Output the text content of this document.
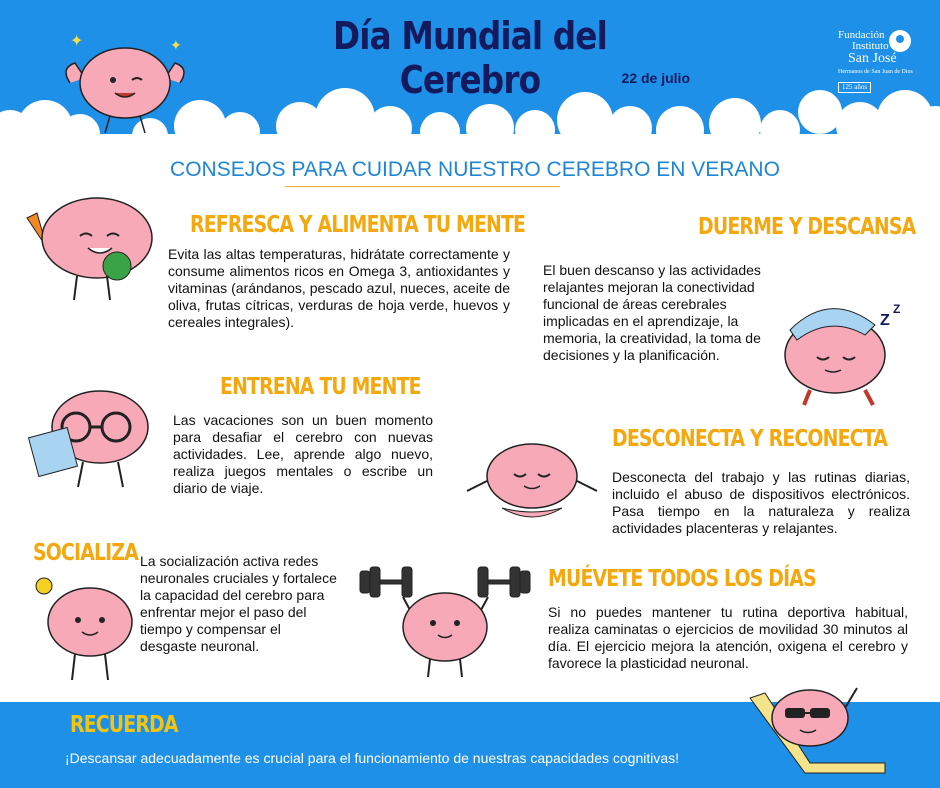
Día Mundial del Cerebro	22 de julio
Fundación
Instituto
San José
Hermanos de San Juan de Dios
125 años
✦	✦
CONSEJOS PARA CUIDAR NUESTRO CEREBRO EN VERANO
REFRESCA Y ALIMENTA TU MENTE
Evita las altas temperaturas, hidrátate correctamente y consume alimentos ricos en Omega 3, antioxidantes y vitaminas (arándanos, pescado azul, nueces, aceite de oliva, frutas cítricas, verduras de hoja verde, huevos y cereales integrales).
DUERME Y DESCANSA
El buen descanso y las actividades relajantes mejoran la conectividad funcional de áreas cerebrales implicadas en el aprendizaje, la memoria, la creatividad, la toma de decisiones y la planificación.
Z
Z
ENTRENA TU MENTE
Las vacaciones son un buen momento para desafiar el cerebro con nuevas actividades. Lee, aprende algo nuevo, realiza juegos mentales o escribe un diario de viaje.
DESCONECTA Y RECONECTA
Desconecta del trabajo y las rutinas diarias, incluido el abuso de dispositivos electrónicos. Pasa tiempo en la naturaleza y realiza actividades placenteras y relajantes.
SOCIALIZA La socialización activa redes neuronales cruciales y fortalece la capacidad del cerebro para enfrentar mejor el paso del tiempo y compensar el desgaste neuronal.
MUÉVETE TODOS LOS DÍAS
Si no puedes mantener tu rutina deportiva habitual, realiza caminatas o ejercicios de movilidad 30 minutos al día. El ejercicio mejora la atención, oxigena el cerebro y favorece la plasticidad neuronal.
RECUERDA
¡Descansar adecuadamente es crucial para el funcionamiento de nuestras capacidades cognitivas!
